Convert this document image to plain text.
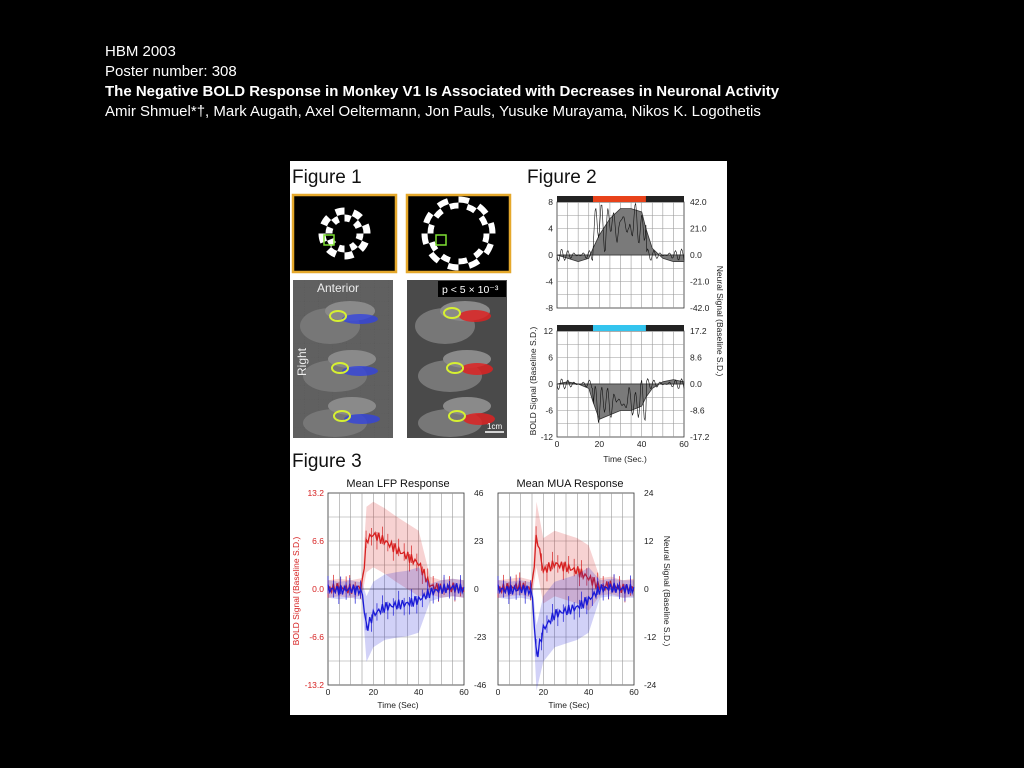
HBM 2003
Poster number: 308
The Negative BOLD Response in Monkey V1 Is Associated with Decreases in Neuronal Activity
Amir Shmuel*†, Mark Augath, Axel Oeltermann, Jon Pauls, Yusuke Murayama, Nikos K. Logothetis
Figure 1
Anterior
Right
p < 5 × 10⁻³
1cm
Figure 2
8
4
0
-4
-8
42.0
21.0
0.0
-21.0
-42.0
0	20	40	60
12
6
0
-6
-12
17.2
8.6
0.0
-8.6
-17.2
BOLD Signal (Baseline S.D.)
Neural Signal (Baseline S.D.)
Time (Sec.)
Figure 3
Mean LFP Response	Mean MUA Response
0	20	40	60
13.2
6.6
0.0
-6.6
-13.2
46
23
0
-23
-46
0	20	40	60
24
12
0
-12
-24
BOLD Signal (Baseline S.D.)	Neural Signal (Baseline S.D.)
Time (Sec)	Time (Sec)
